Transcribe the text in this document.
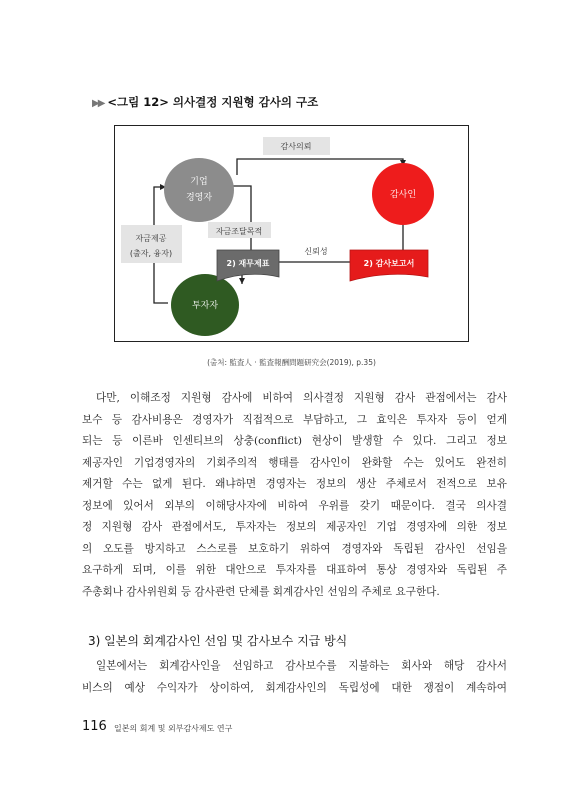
▶▶ <그림 12> 의사결정 지원형 감사의 구조
기업
경영자	감사인
투자자
감사의뢰
자금제공
(출자, 융자)
자금조달목적
신뢰성
2) 재무제표	2) 감사보고서
(출처: 監査人 · 監査報酬問題研究会(2019), p.35)
다만, 이해조정 지원형 감사에 비하여 의사결정 지원형 감사 관점에서는 감사
보수 등 감사비용은 경영자가 직접적으로 부담하고, 그 효익은 투자자 등이 얻게
되는 등 이른바 인센티브의 상충(conflict) 현상이 발생할 수 있다. 그리고 정보
제공자인 기업경영자의 기회주의적 행태를 감사인이 완화할 수는 있어도 완전히
제거할 수는 없게 된다. 왜냐하면 경영자는 정보의 생산 주체로서 전적으로 보유
정보에 있어서 외부의 이해당사자에 비하여 우위를 갖기 때문이다. 결국 의사결
정 지원형 감사 관점에서도, 투자자는 정보의 제공자인 기업 경영자에 의한 정보
의 오도를 방지하고 스스로를 보호하기 위하여 경영자와 독립된 감사인 선임을
요구하게 되며, 이를 위한 대안으로 투자자를 대표하여 통상 경영자와 독립된 주
주총회나 감사위원회 등 감사관련 단체를 회계감사인 선임의 주체로 요구한다.
3) 일본의 회계감사인 선임 및 감사보수 지급 방식
일본에서는 회계감사인을 선임하고 감사보수를 지불하는 회사와 해당 감사서
비스의 예상 수익자가 상이하여, 회계감사인의 독립성에 대한 쟁점이 계속하여
116 일본의 회계 및 외부감사제도 연구
